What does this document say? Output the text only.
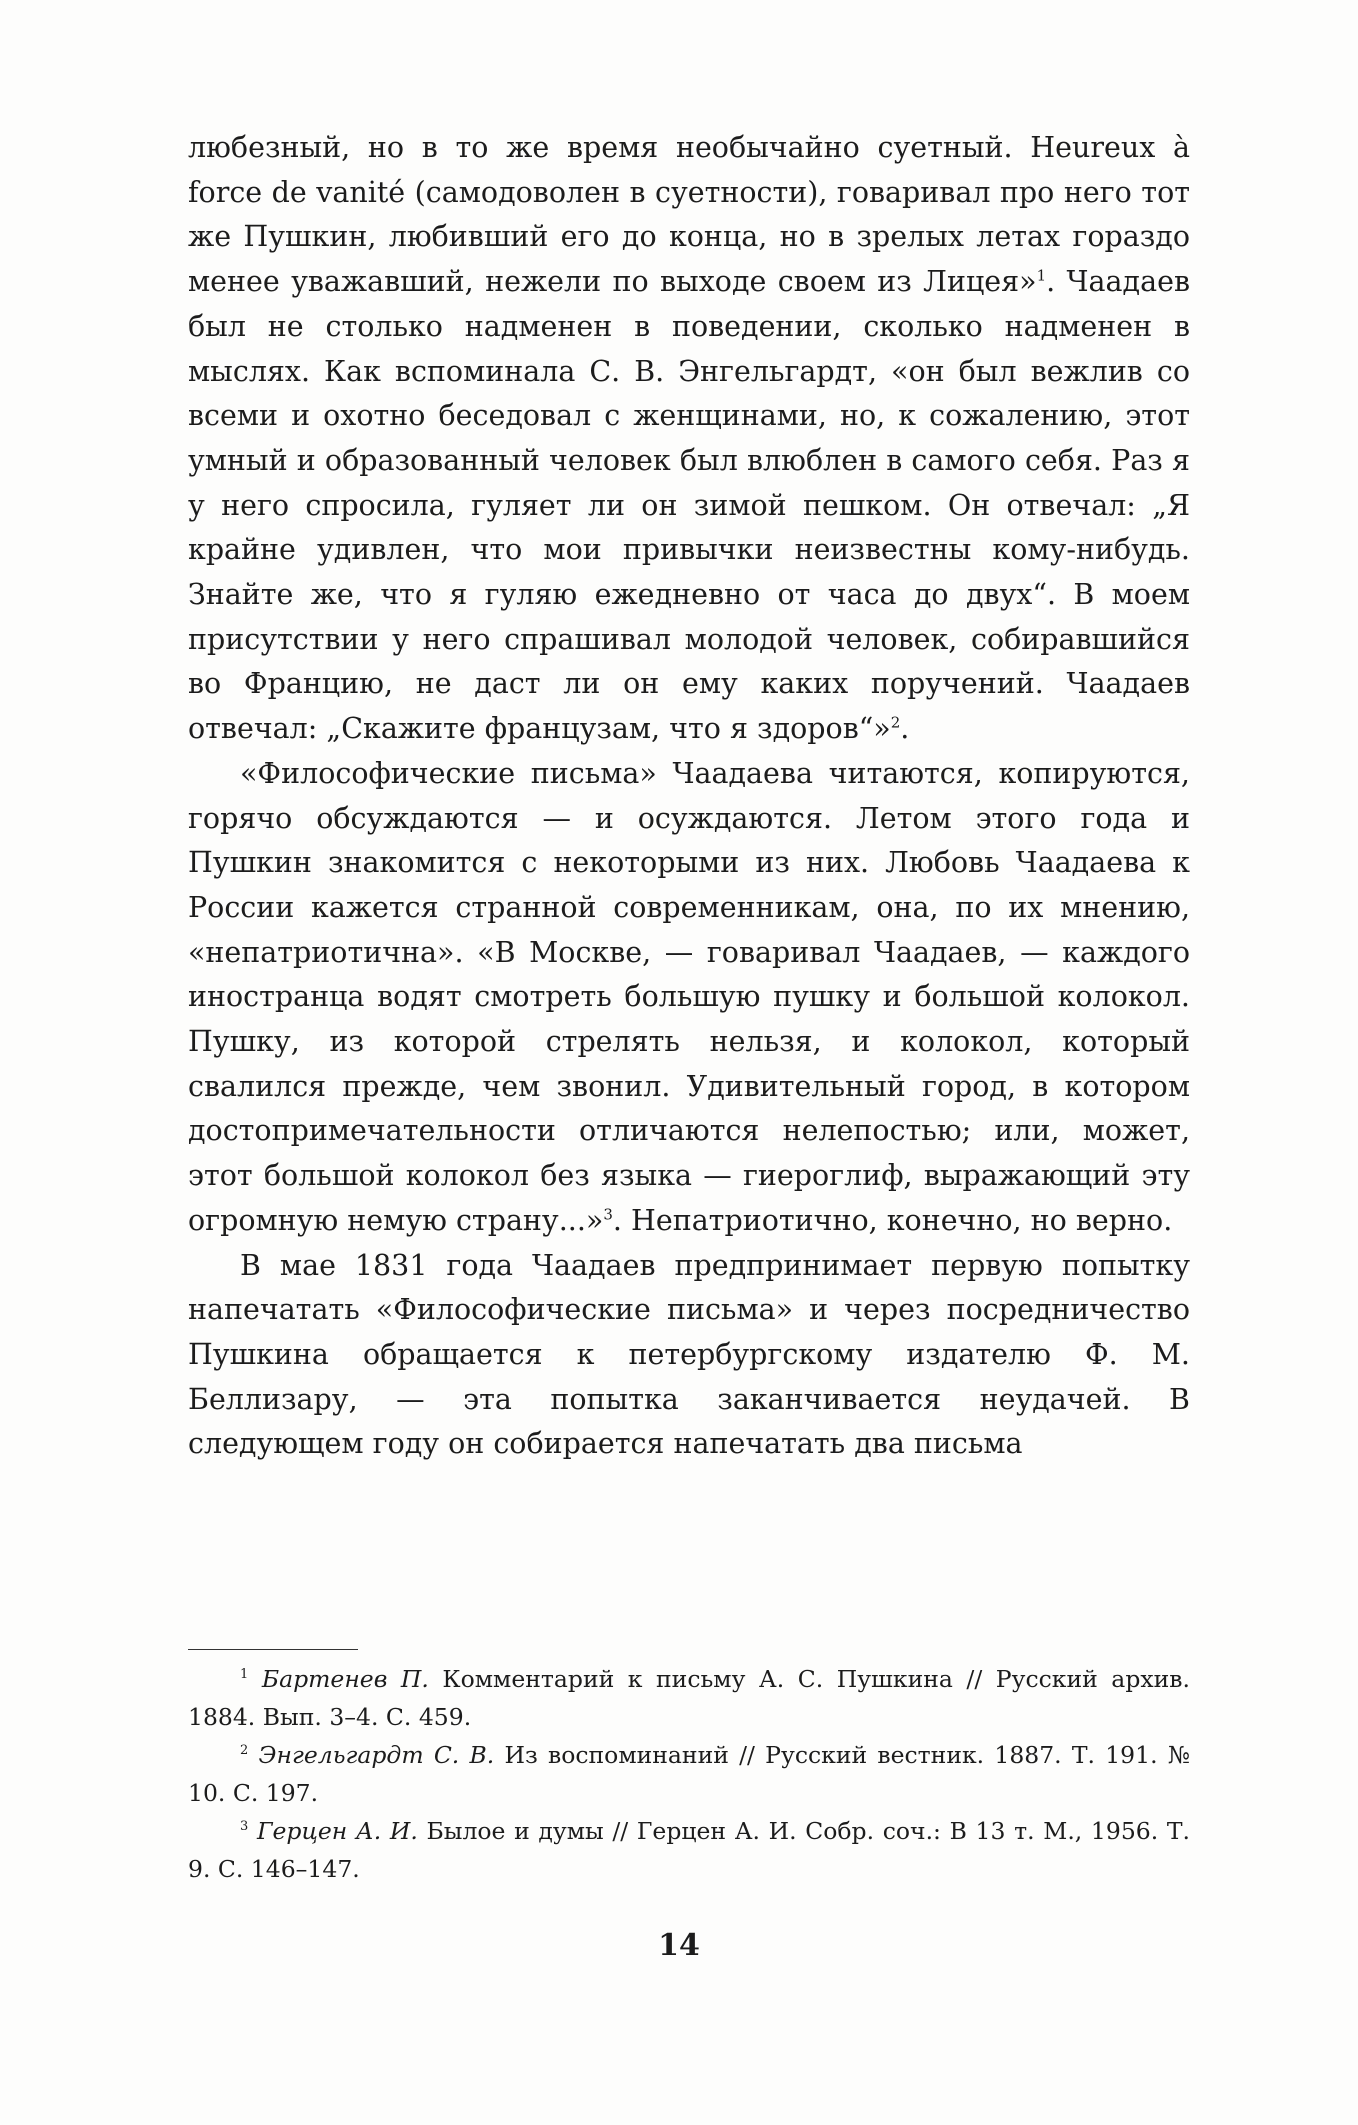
любезный, но в то же время необычайно суетный. Heureux à force de vanité (самодоволен в суетности), говаривал про него тот же Пушкин, любивший его до конца, но в зрелых летах гораздо менее уважавший, нежели по выходе своем из Лицея»$^1$. Чаадаев был не столько надменен в поведении, сколько надменен в мыслях. Как вспоминала С. В. Энгельгардт, «он был вежлив со всеми и охотно беседовал с женщинами, но, к сожалению, этот умный и образованный человек был влюблен в самого себя. Раз я у него спросила, гуляет ли он зимой пешком. Он отвечал: „Я крайне удивлен, что мои привычки неизвестны кому-нибудь. Знайте же, что я гуляю ежедневно от часа до двух“. В моем присутствии у него спрашивал молодой человек, собиравшийся во Францию, не даст ли он ему каких поручений. Чаадаев отвечал: „Скажите французам, что я здоров“»$^2$.

«Философические письма» Чаадаева читаются, копируются, горячо обсуждаются — и осуждаются. Летом этого года и Пушкин знакомится с некоторыми из них. Любовь Чаадаева к России кажется странной современникам, она, по их мнению, «непатриотична». «В Москве, — говаривал Чаадаев, — каждого иностранца водят смотреть большую пушку и большой колокол. Пушку, из которой стрелять нельзя, и колокол, который свалился прежде, чем звонил. Удивительный город, в котором достопримечательности отличаются нелепостью; или, может, этот большой колокол без языка — гиероглиф, выражающий эту огромную немую страну...»$^3$. Непатриотично, конечно, но верно.

В мае 1831 года Чаадаев предпринимает первую попытку напечатать «Философические письма» и через посредничество Пушкина обращается к петербургскому издателю Ф. М. Беллизару, — эта попытка заканчивается неудачей. В следующем году он собирается напечатать два письма

$^1$ Бартенев П. Комментарий к письму А. С. Пушкина // Русский архив. 1884. Вып. 3–4. С. 459.

$^2$ Энгельгардт С. В. Из воспоминаний // Русский вестник. 1887. Т. 191. № 10. С. 197.

$^3$ Герцен А. И. Былое и думы // Герцен А. И. Собр. соч.: В 13 т. М., 1956. Т. 9. С. 146–147.

14
